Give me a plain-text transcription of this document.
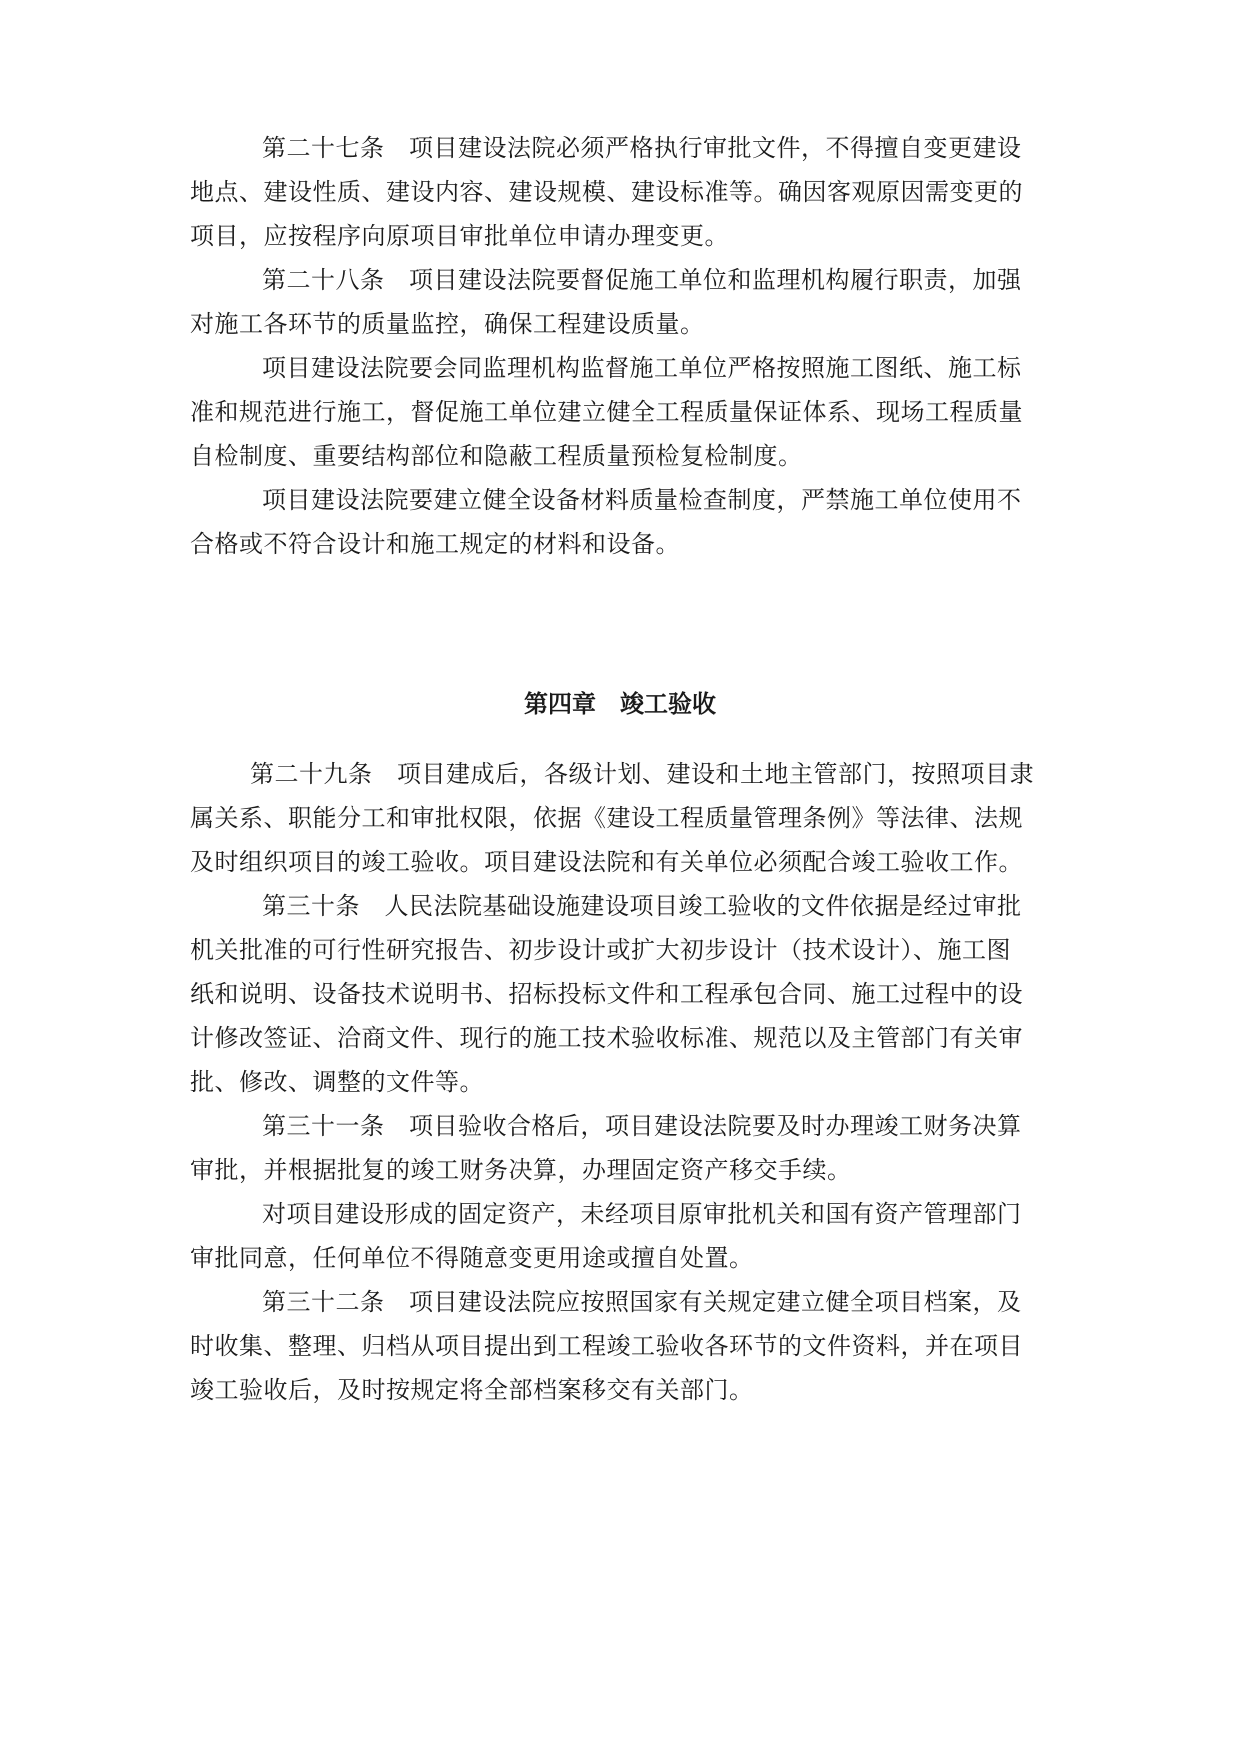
第二十七条　项目建设法院必须严格执行审批文件，不得擅自变更建设
地点、建设性质、建设内容、建设规模、建设标准等。确因客观原因需变更的
项目，应按程序向原项目审批单位申请办理变更。
第二十八条　项目建设法院要督促施工单位和监理机构履行职责，加强
对施工各环节的质量监控，确保工程建设质量。
项目建设法院要会同监理机构监督施工单位严格按照施工图纸、施工标
准和规范进行施工，督促施工单位建立健全工程质量保证体系、现场工程质量
自检制度、重要结构部位和隐蔽工程质量预检复检制度。
项目建设法院要建立健全设备材料质量检查制度，严禁施工单位使用不
合格或不符合设计和施工规定的材料和设备。
第四章　竣工验收
第二十九条　项目建成后，各级计划、建设和土地主管部门，按照项目隶
属关系、职能分工和审批权限，依据《建设工程质量管理条例》等法律、法规
及时组织项目的竣工验收。项目建设法院和有关单位必须配合竣工验收工作。
第三十条　人民法院基础设施建设项目竣工验收的文件依据是经过审批
机关批准的可行性研究报告、初步设计或扩大初步设计（技术设计）、施工图
纸和说明、设备技术说明书、招标投标文件和工程承包合同、施工过程中的设
计修改签证、洽商文件、现行的施工技术验收标准、规范以及主管部门有关审
批、修改、调整的文件等。
第三十一条　项目验收合格后，项目建设法院要及时办理竣工财务决算
审批，并根据批复的竣工财务决算，办理固定资产移交手续。
对项目建设形成的固定资产，未经项目原审批机关和国有资产管理部门
审批同意，任何单位不得随意变更用途或擅自处置。
第三十二条　项目建设法院应按照国家有关规定建立健全项目档案，及
时收集、整理、归档从项目提出到工程竣工验收各环节的文件资料，并在项目
竣工验收后，及时按规定将全部档案移交有关部门。
